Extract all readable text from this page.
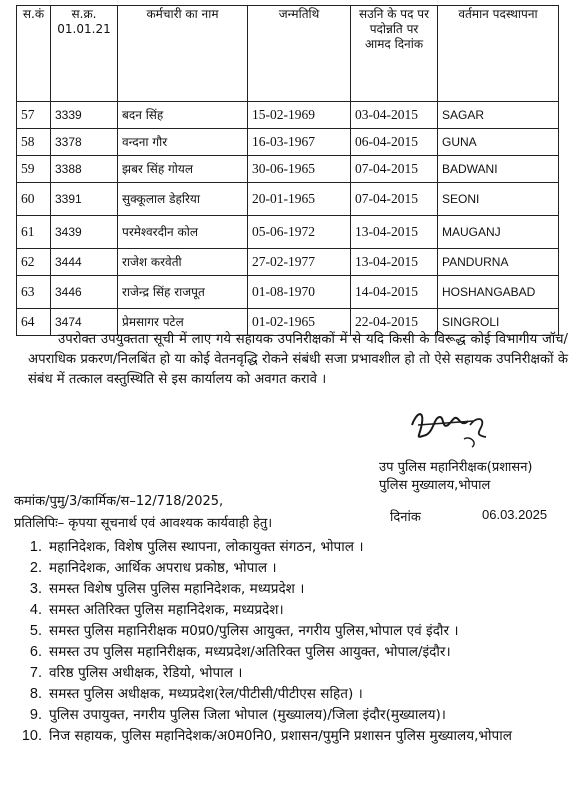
स.कं	स.क्र. 01.01.21	कर्मचारी का नाम	जन्मतिथि	सउनि के पद पर पदोन्नति पर आमद दिनांक	वर्तमान पदस्थापना
57	3339	बदन सिंह	15-02-1969	03-04-2015	SAGAR
58	3378	वन्दना गौर	16-03-1967	06-04-2015	GUNA
59	3388	झबर सिंह गोयल	30-06-1965	07-04-2015	BADWANI
60	3391	सुक्कूलाल डेहरिया	20-01-1965	07-04-2015	SEONI
61	3439	परमेश्वरदीन कोल	05-06-1972	13-04-2015	MAUGANJ
62	3444	राजेश करवेती	27-02-1977	13-04-2015	PANDURNA
63	3446	राजेन्द्र सिंह राजपूत	01-08-1970	14-04-2015	HOSHANGABAD
64	3474	प्रेमसागर पटेल	01-02-1965	22-04-2015	SINGROLI
उपरोक्त उपयुक्तता सूची में लाए गये सहायक उपनिरीक्षकों में से यदि किसी के विरूद्ध कोई विभागीय जॉच/अपराधिक प्रकरण/निलबिंत हो या कोई वेतनवृद्धि रोकने संबंधी सजा प्रभावशील हो तो ऐसे सहायक उपनिरीक्षकों के संबंध में तत्काल वस्तुस्थिति से इस कार्यालय को अवगत करावे ।
उप पुलिस महानिरीक्षक(प्रशासन)
पुलिस मुख्यालय,भोपाल
दिनांक	06.03.2025
कमांक/पुमु/3/कार्मिक/स–12/718/2025,
प्रतिलिपिः– कृपया सूचनार्थ एवं आवश्यक कार्यवाही हेतु।
1. महानिदेशक, विशेष पुलिस स्थापना, लोकायुक्त संगठन, भोपाल ।
2. महानिदेशक, आर्थिक अपराध प्रकोष्ठ, भोपाल ।
3. समस्त विशेष पुलिस पुलिस महानिदेशक, मध्यप्रदेश ।
4. समस्त अतिरिक्त पुलिस महानिदेशक, मध्यप्रदेश।
5. समस्त पुलिस महानिरीक्षक म0प्र0/पुलिस आयुक्त, नगरीय पुलिस,भोपाल एवं इंदौर ।
6. समस्त उप पुलिस महानिरीक्षक, मध्यप्रदेश/अतिरिक्त पुलिस आयुक्त, भोपाल/इंदौर।
7. वरिष्ठ पुलिस अधीक्षक, रेडियो, भोपाल ।
8. समस्त पुलिस अधीक्षक, मध्यप्रदेश(रेल/पीटीसी/पीटीएस सहित) ।
9. पुलिस उपायुक्त, नगरीय पुलिस जिला भोपाल (मुख्यालय)/जिला इंदौर(मुख्यालय)।
10. निज सहायक, पुलिस महानिदेशक/अ0म0नि0, प्रशासन/पुमुनि प्रशासन पुलिस मुख्यालय,भोपाल
